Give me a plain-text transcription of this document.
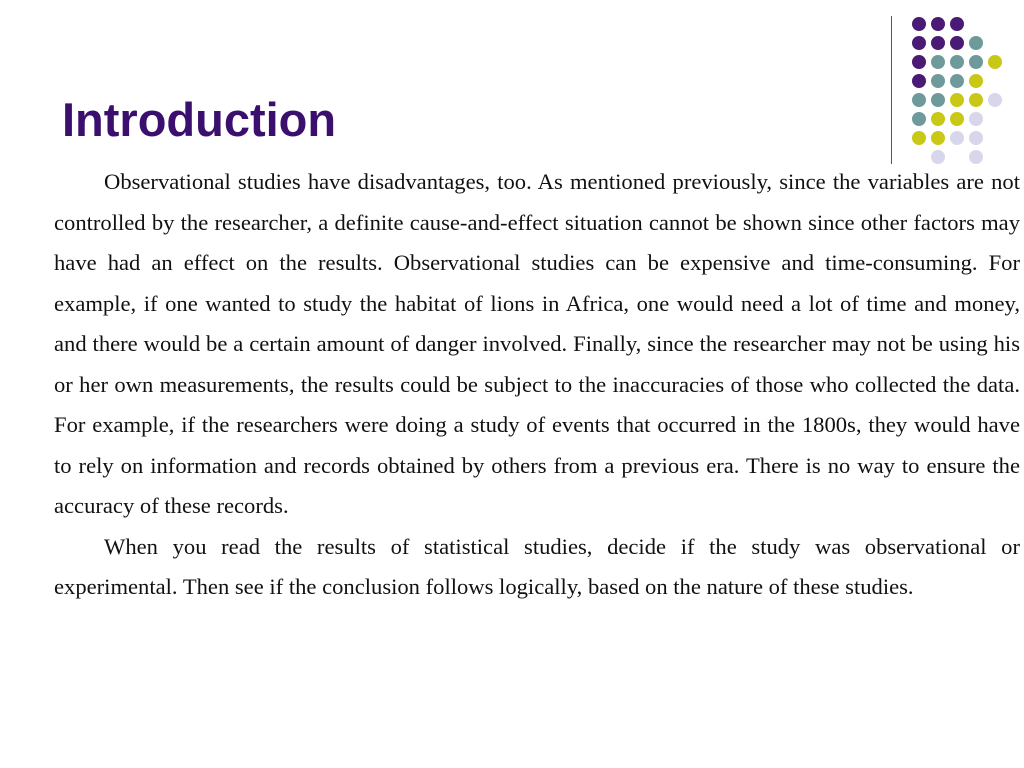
Introduction

Observational studies have disadvantages, too. As mentioned previously, since the variables are not controlled by the researcher, a definite cause-and-effect situation cannot be shown since other factors may have had an effect on the results. Observational studies can be expensive and time-consuming. For example, if one wanted to study the habitat of lions in Africa, one would need a lot of time and money, and there would be a certain amount of danger involved. Finally, since the researcher may not be using his or her own measurements, the results could be subject to the inaccuracies of those who collected the data. For example, if the researchers were doing a study of events that occurred in the 1800s, they would have to rely on information and records obtained by others from a previous era. There is no way to ensure the accuracy of these records.

When you read the results of statistical studies, decide if the study was observational or experimental. Then see if the conclusion follows logically, based on the nature of these studies.
